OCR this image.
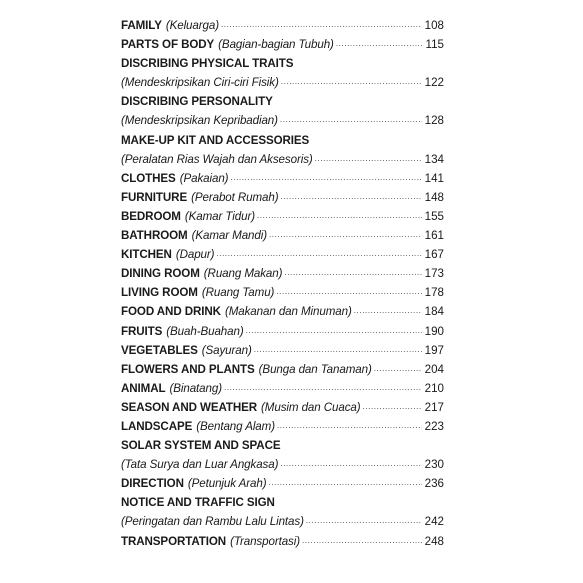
FAMILY (Keluarga) .....	108
PARTS OF BODY (Bagian-bagian Tubuh) .....	115
DISCRIBING PHYSICAL TRAITS
(Mendeskripsikan Ciri-ciri Fisik) .....	122
DISCRIBING PERSONALITY
(Mendeskripsikan Kepribadian) .....	128
MAKE-UP KIT AND ACCESSORIES
(Peralatan Rias Wajah dan Aksesoris) .....	134
CLOTHES (Pakaian) .....	141
FURNITURE (Perabot Rumah) .....	148
BEDROOM (Kamar Tidur) .....	155
BATHROOM (Kamar Mandi) .....	161
KITCHEN (Dapur) .....	167
DINING ROOM (Ruang Makan) .....	173
LIVING ROOM (Ruang Tamu) .....	178
FOOD AND DRINK (Makanan dan Minuman) .....	184
FRUITS (Buah-Buahan) .....	190
VEGETABLES (Sayuran) .....	197
FLOWERS AND PLANTS (Bunga dan Tanaman) .....	204
ANIMAL (Binatang) .....	210
SEASON AND WEATHER (Musim dan Cuaca) .....	217
LANDSCAPE (Bentang Alam) .....	223
SOLAR SYSTEM AND SPACE
(Tata Surya dan Luar Angkasa) .....	230
DIRECTION (Petunjuk Arah) .....	236
NOTICE AND TRAFFIC SIGN
(Peringatan dan Rambu Lalu Lintas) .....	242
TRANSPORTATION (Transportasi) .....	248
